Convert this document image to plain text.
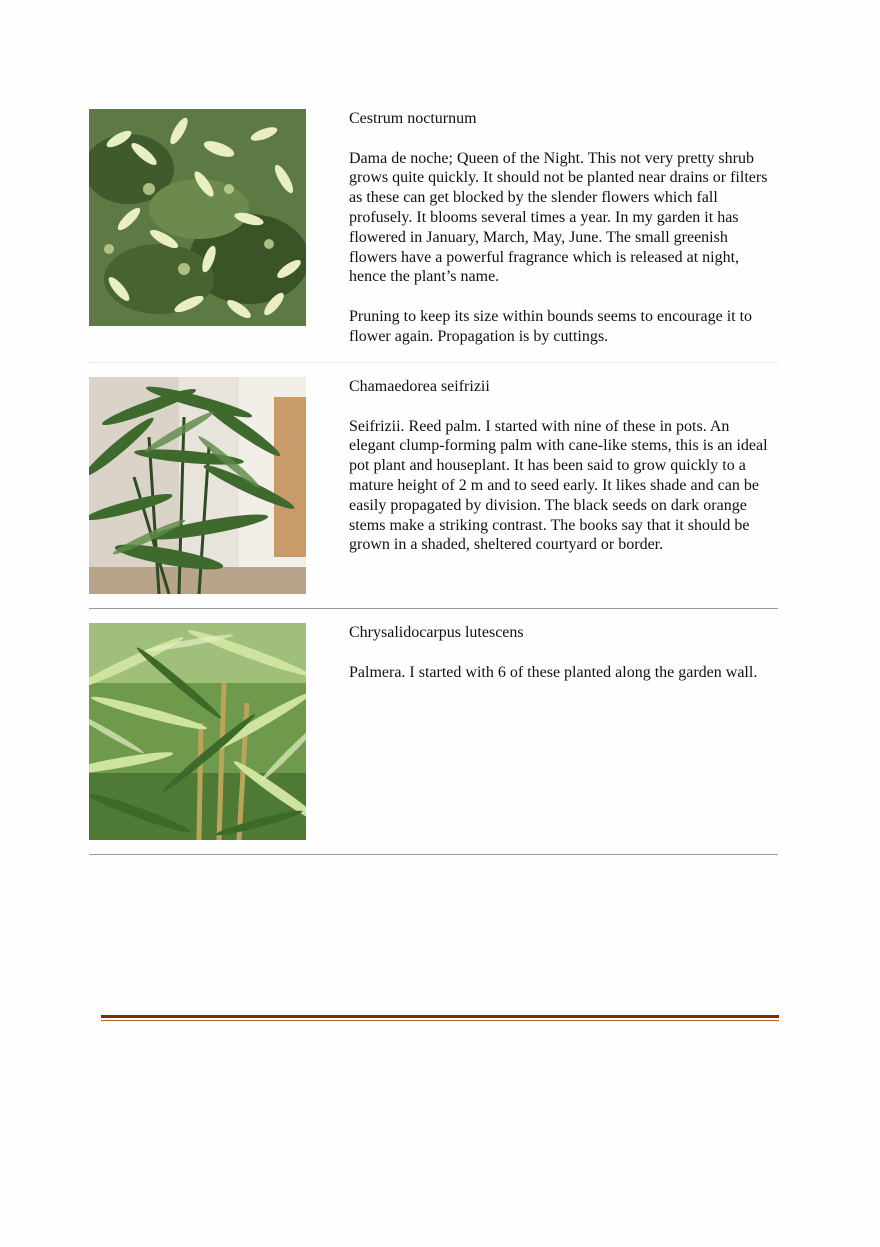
Cestrum nocturnum

Dama de noche; Queen of the Night. This not very pretty shrub grows quite quickly. It should not be planted near drains or filters as these can get blocked by the slender flowers which fall profusely. It blooms several times a year. In my garden it has flowered in January, March, May, June. The small greenish flowers have a powerful fragrance which is released at night, hence the plant’s name.

Pruning to keep its size within bounds seems to encourage it to flower again. Propagation is by cuttings.

Chamaedorea seifrizii

Seifrizii. Reed palm. I started with nine of these in pots. An elegant clump-forming palm with cane-like stems, this is an ideal pot plant and houseplant. It has been said to grow quickly to a mature height of 2 m and to seed early. It likes shade and can be easily propagated by division. The black seeds on dark orange stems make a striking contrast. The books say that it should be grown in a shaded, sheltered courtyard or border.

Chrysalidocarpus lutescens

Palmera. I started with 6 of these planted along the garden wall.
